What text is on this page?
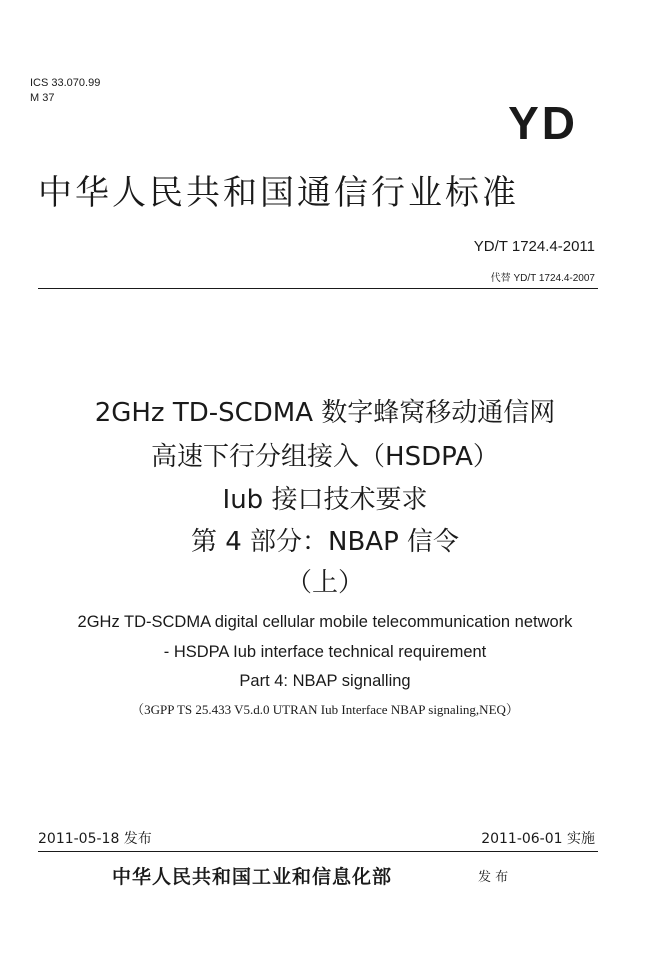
ICS 33.070.99
M 37	YD
中华人民共和国通信行业标准
YD/T 1724.4-2011
代替 YD/T 1724.4-2007
2GHz TD-SCDMA 数字蜂窝移动通信网
高速下行分组接入（HSDPA）
Iub 接口技术要求
第 4 部分：NBAP 信令
（上）
2GHz TD-SCDMA digital cellular mobile telecommunication network
- HSDPA Iub interface technical requirement
Part 4: NBAP signalling
（3GPP TS 25.433 V5.d.0 UTRAN Iub Interface NBAP signaling,NEQ）
2011-05-18 发布	2011-06-01 实施
中华人民共和国工业和信息化部	发 布
